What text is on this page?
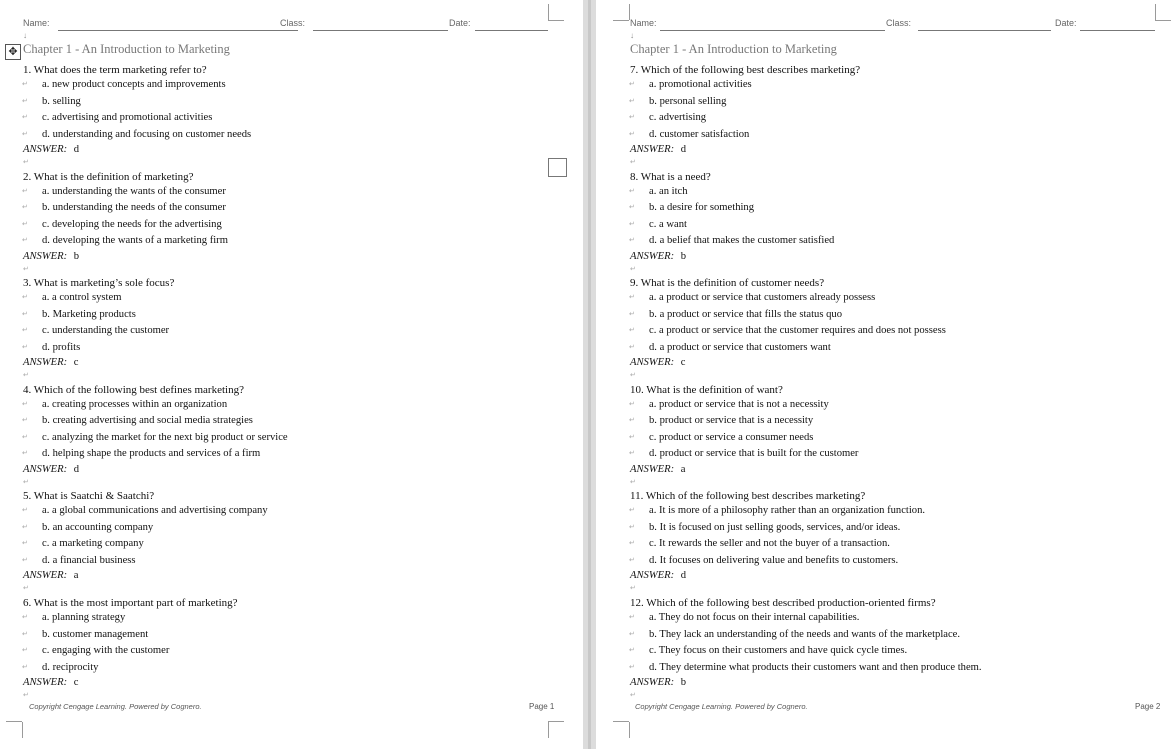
Name:	Class:	Date:
↓
✥ Chapter 1 - An Introduction to Marketing
1. What does the term marketing refer to?
↵ a. new product concepts and improvements
↵ b. selling
↵ c. advertising and promotional activities
↵ d. understanding and focusing on customer needs
ANSWER: d
↵
2. What is the definition of marketing?
↵ a. understanding the wants of the consumer
↵ b. understanding the needs of the consumer
↵ c. developing the needs for the advertising
↵ d. developing the wants of a marketing firm
ANSWER: b
↵
3. What is marketing’s sole focus?
↵ a. a control system
↵ b. Marketing products
↵ c. understanding the customer
↵ d. profits
ANSWER: c
↵
4. Which of the following best defines marketing?
↵ a. creating processes within an organization
↵ b. creating advertising and social media strategies
↵ c. analyzing the market for the next big product or service
↵ d. helping shape the products and services of a firm
ANSWER: d
↵
5. What is Saatchi & Saatchi?
↵ a. a global communications and advertising company
↵ b. an accounting company
↵ c. a marketing company
↵ d. a financial business
ANSWER: a
↵
6. What is the most important part of marketing?
↵ a. planning strategy
↵ b. customer management
↵ c. engaging with the customer
↵ d. reciprocity
ANSWER: c
↵
Copyright Cengage Learning. Powered by Cognero.	Page 1
Name:	Class:	Date:
↓
Chapter 1 - An Introduction to Marketing
7. Which of the following best describes marketing?
↵ a. promotional activities
↵ b. personal selling
↵ c. advertising
↵ d. customer satisfaction
ANSWER: d
↵
8. What is a need?
↵ a. an itch
↵ b. a desire for something
↵ c. a want
↵ d. a belief that makes the customer satisfied
ANSWER: b
↵
9. What is the definition of customer needs?
↵ a. a product or service that customers already possess
↵ b. a product or service that fills the status quo
↵ c. a product or service that the customer requires and does not possess
↵ d. a product or service that customers want
ANSWER: c
↵
10. What is the definition of want?
↵ a. product or service that is not a necessity
↵ b. product or service that is a necessity
↵ c. product or service a consumer needs
↵ d. product or service that is built for the customer
ANSWER: a
↵
11. Which of the following best describes marketing?
↵ a. It is more of a philosophy rather than an organization function.
↵ b. It is focused on just selling goods, services, and/or ideas.
↵ c. It rewards the seller and not the buyer of a transaction.
↵ d. It focuses on delivering value and benefits to customers.
ANSWER: d
↵
12. Which of the following best described production-oriented firms?
↵ a. They do not focus on their internal capabilities.
↵ b. They lack an understanding of the needs and wants of the marketplace.
↵ c. They focus on their customers and have quick cycle times.
↵ d. They determine what products their customers want and then produce them.
ANSWER: b
↵
Copyright Cengage Learning. Powered by Cognero.	Page 2
